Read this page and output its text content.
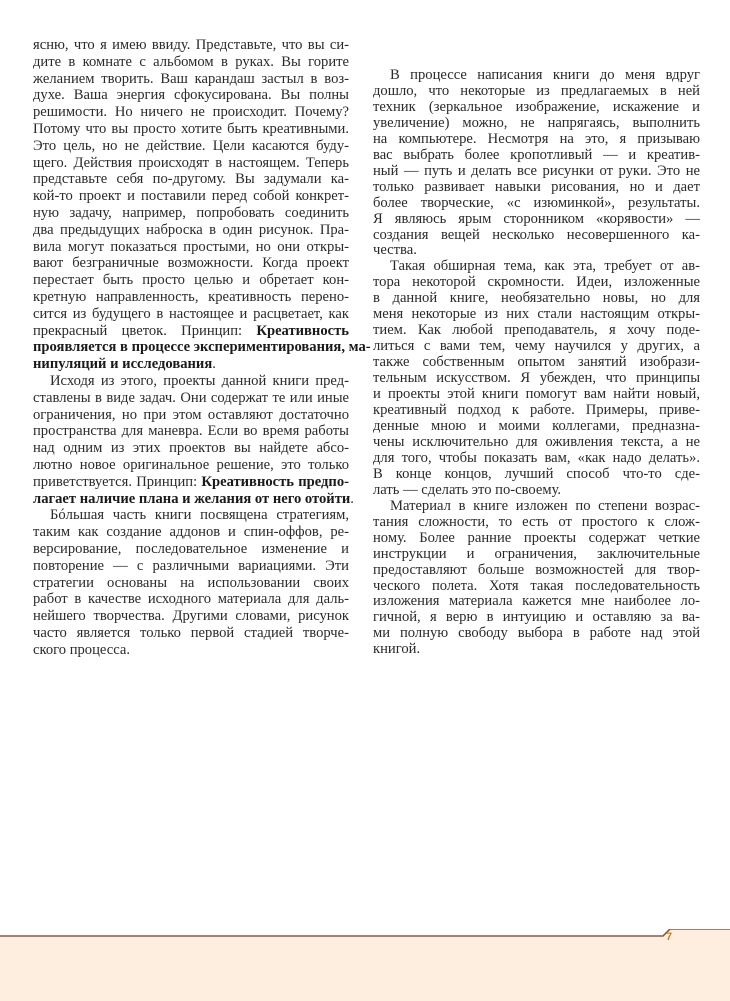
ясню, что я имею ввиду. Представьте, что вы си-
дите в комнате с альбомом в руках. Вы горите
желанием творить. Ваш карандаш застыл в воз-
духе. Ваша энергия сфокусирована. Вы полны
решимости. Но ничего не происходит. Почему?
Потому что вы просто хотите быть креативными.
Это цель, но не действие. Цели касаются буду-
щего. Действия происходят в настоящем. Теперь
представьте себя по-другому. Вы задумали ка-
кой-то проект и поставили перед собой конкрет-
ную задачу, например, попробовать соединить
два предыдущих наброска в один рисунок. Пра-
вила могут показаться простыми, но они откры-
вают безграничные возможности. Когда проект
перестает быть просто целью и обретает кон-
кретную направленность, креативность перено-
сится из будущего в настоящее и расцветает, как
прекрасный цветок. Принцип: Креативность
проявляется в процессе экспериментирования, ма-
нипуляций и исследования.
Исходя из этого, проекты данной книги пред-
ставлены в виде задач. Они содержат те или иные
ограничения, но при этом оставляют достаточно
пространства для маневра. Если во время работы
над одним из этих проектов вы найдете абсо-
лютно новое оригинальное решение, это только
приветствуется. Принцип: Креативность предпо-
лагает наличие плана и желания от него отойти.
Бóльшая часть книги посвящена стратегиям,
таким как создание аддонов и спин-оффов, ре-
версирование, последовательное изменение и
повторение — с различными вариациями. Эти
стратегии основаны на использовании своих
работ в качестве исходного материала для даль-
нейшего творчества. Другими словами, рисунок
часто является только первой стадией творче-
ского процесса.
В процессе написания книги до меня вдруг
дошло, что некоторые из предлагаемых в ней
техник (зеркальное изображение, искажение и
увеличение) можно, не напрягаясь, выполнить
на компьютере. Несмотря на это, я призываю
вас выбрать более кропотливый — и креатив-
ный — путь и делать все рисунки от руки. Это не
только развивает навыки рисования, но и дает
более творческие, «с изюминкой», результаты.
Я являюсь ярым сторонником «корявости» —
создания вещей несколько несовершенного ка-
чества.
Такая обширная тема, как эта, требует от ав-
тора некоторой скромности. Идеи, изложенные
в данной книге, необязательно новы, но для
меня некоторые из них стали настоящим откры-
тием. Как любой преподаватель, я хочу поде-
литься с вами тем, чему научился у других, а
также собственным опытом занятий изобрази-
тельным искусством. Я убежден, что принципы
и проекты этой книги помогут вам найти новый,
креативный подход к работе. Примеры, приве-
денные мною и моими коллегами, предназна-
чены исключительно для оживления текста, а не
для того, чтобы показать вам, «как надо делать».
В конце концов, лучший способ что-то сде-
лать — сделать это по-своему.
Материал в книге изложен по степени возрас-
тания сложности, то есть от простого к слож-
ному. Более ранние проекты содержат четкие
инструкции и ограничения, заключительные
предоставляют больше возможностей для твор-
ческого полета. Хотя такая последовательность
изложения материала кажется мне наиболее ло-
гичной, я верю в интуицию и оставляю за ва-
ми полную свободу выбора в работе над этой
книгой.
7
